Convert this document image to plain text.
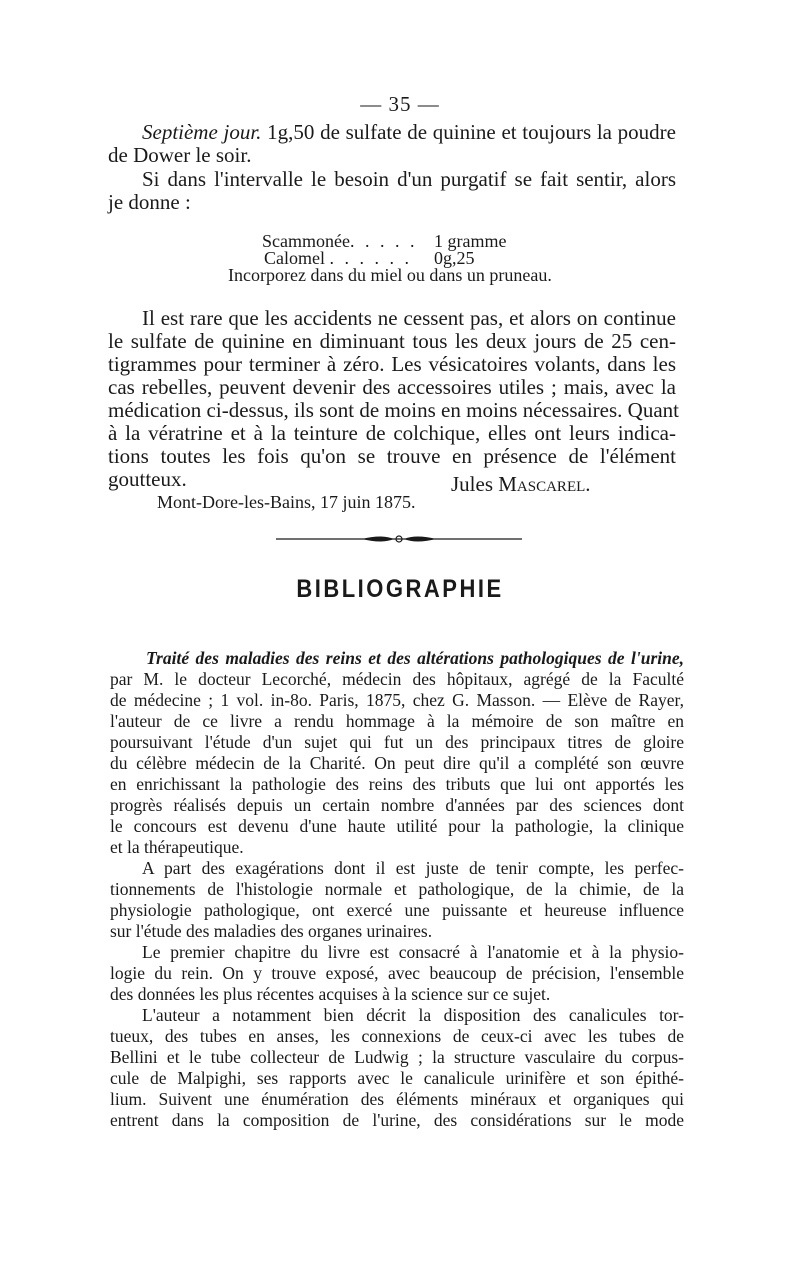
— 35 —
Septième jour. 1g,50 de sulfate de quinine et toujours la poudre
de Dower le soir.
Si dans l'intervalle le besoin d'un purgatif se fait sentir, alors
je donne :
Scammonée. . . . . 1 gramme
Calomel . . . . . . 0g,25
Incorporez dans du miel ou dans un pruneau.
Il est rare que les accidents ne cessent pas, et alors on continue
le sulfate de quinine en diminuant tous les deux jours de 25 cen-
tigrammes pour terminer à zéro. Les vésicatoires volants, dans les
cas rebelles, peuvent devenir des accessoires utiles ; mais, avec la
médication ci-dessus, ils sont de moins en moins nécessaires. Quant
à la vératrine et à la teinture de colchique, elles ont leurs indica-
tions toutes les fois qu'on se trouve en présence de l'élément
goutteux.	Jules Mascarel.
Mont-Dore-les-Bains, 17 juin 1875.
BIBLIOGRAPHIE
Traité des maladies des reins et des altérations pathologiques de l'urine,
par M. le docteur Lecorché, médecin des hôpitaux, agrégé de la Faculté
de médecine ; 1 vol. in-8o. Paris, 1875, chez G. Masson. — Elève de Rayer,
l'auteur de ce livre a rendu hommage à la mémoire de son maître en
poursuivant l'étude d'un sujet qui fut un des principaux titres de gloire
du célèbre médecin de la Charité. On peut dire qu'il a complété son œuvre
en enrichissant la pathologie des reins des tributs que lui ont apportés les
progrès réalisés depuis un certain nombre d'années par des sciences dont
le concours est devenu d'une haute utilité pour la pathologie, la clinique
et la thérapeutique.
A part des exagérations dont il est juste de tenir compte, les perfec-
tionnements de l'histologie normale et pathologique, de la chimie, de la
physiologie pathologique, ont exercé une puissante et heureuse influence
sur l'étude des maladies des organes urinaires.
Le premier chapitre du livre est consacré à l'anatomie et à la physio-
logie du rein. On y trouve exposé, avec beaucoup de précision, l'ensemble
des données les plus récentes acquises à la science sur ce sujet.
L'auteur a notamment bien décrit la disposition des canalicules tor-
tueux, des tubes en anses, les connexions de ceux-ci avec les tubes de
Bellini et le tube collecteur de Ludwig ; la structure vasculaire du corpus-
cule de Malpighi, ses rapports avec le canalicule urinifère et son épithé-
lium. Suivent une énumération des éléments minéraux et organiques qui
entrent dans la composition de l'urine, des considérations sur le mode
